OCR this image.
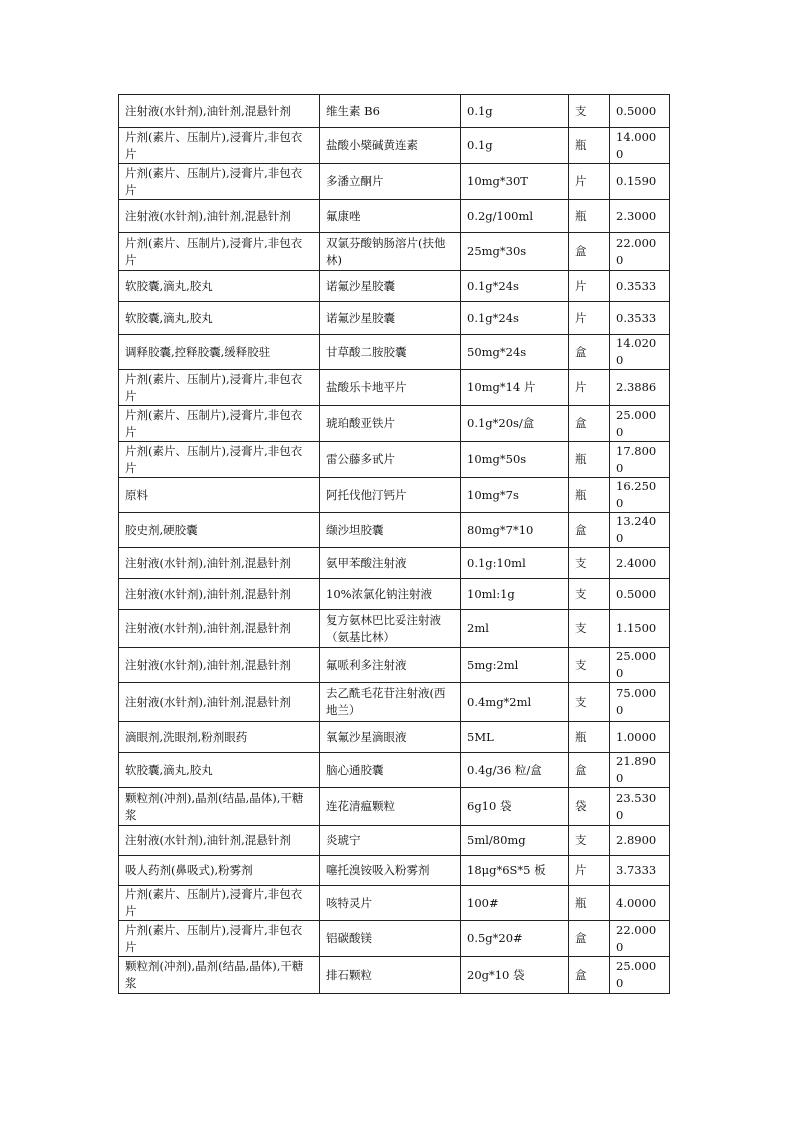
注射液(水针剂),油针剂,混悬针剂	维生素 B6	0.1g	支	0.5000
片剂(素片、压制片),浸膏片,非包衣片	盐酸小檗碱黄连素	0.1g	瓶	14.0000
片剂(素片、压制片),浸膏片,非包衣片	多潘立酮片	10mg*30T	片	0.1590
注射液(水针剂),油针剂,混悬针剂	氟康唑	0.2g/100ml	瓶	2.3000
片剂(素片、压制片),浸膏片,非包衣片	双氯芬酸钠肠溶片(扶他林)	25mg*30s	盒	22.0000
软胶囊,滴丸,胶丸	诺氟沙星胶囊	0.1g*24s	片	0.3533
软胶囊,滴丸,胶丸	诺氟沙星胶囊	0.1g*24s	片	0.3533
调释胶囊,控释胶囊,缓释胶驻	甘草酸二胺胶囊	50mg*24s	盒	14.0200
片剂(素片、压制片),浸膏片,非包衣片	盐酸乐卡地平片	10mg*14 片	片	2.3886
片剂(素片、压制片),浸膏片,非包衣片	琥珀酸亚铁片	0.1g*20s/盒	盒	25.0000
片剂(素片、压制片),浸膏片,非包衣片	雷公藤多甙片	10mg*50s	瓶	17.8000
原料	阿托伐他汀钙片	10mg*7s	瓶	16.2500
胶史剂,硬胶囊	缬沙坦胶囊	80mg*7*10	盒	13.2400
注射液(水针剂),油针剂,混悬针剂	氨甲苯酸注射液	0.1g:10ml	支	2.4000
注射液(水针剂),油针剂,混悬针剂	10%浓氯化钠注射液	10ml:1g	支	0.5000
注射液(水针剂),油针剂,混悬针剂	复方氨林巴比妥注射液（氨基比林）	2ml	支	1.1500
注射液(水针剂),油针剂,混悬针剂	氟哌利多注射液	5mg:2ml	支	25.0000
注射液(水针剂),油针剂,混悬针剂	去乙酰毛花苷注射液(西地兰）	0.4mg*2ml	支	75.0000
滴眼剂,洗眼剂,粉剂眼药	氧氟沙星滴眼液	5ML	瓶	1.0000
软胶囊,滴丸,胶丸	脑心通胶囊	0.4g/36 粒/盒	盒	21.8900
颗粒剂(冲剂),晶剂(结晶,晶体),干糖浆	连花清瘟颗粒	6g10 袋	袋	23.5300
注射液(水针剂),油针剂,混悬针剂	炎琥宁	5ml/80mg	支	2.8900
吸人药剂(鼻吸式),粉雾剂	噻托溴铵吸入粉雾剂	18μg*6S*5 板	片	3.7333
片剂(素片、压制片),浸膏片,非包衣片	咳特灵片	100#	瓶	4.0000
片剂(素片、压制片),浸膏片,非包衣片	铝碳酸镁	0.5g*20#	盒	22.0000
颗粒剂(冲剂),晶剂(结晶,晶体),干糖浆	排石颗粒	20g*10 袋	盒	25.0000
